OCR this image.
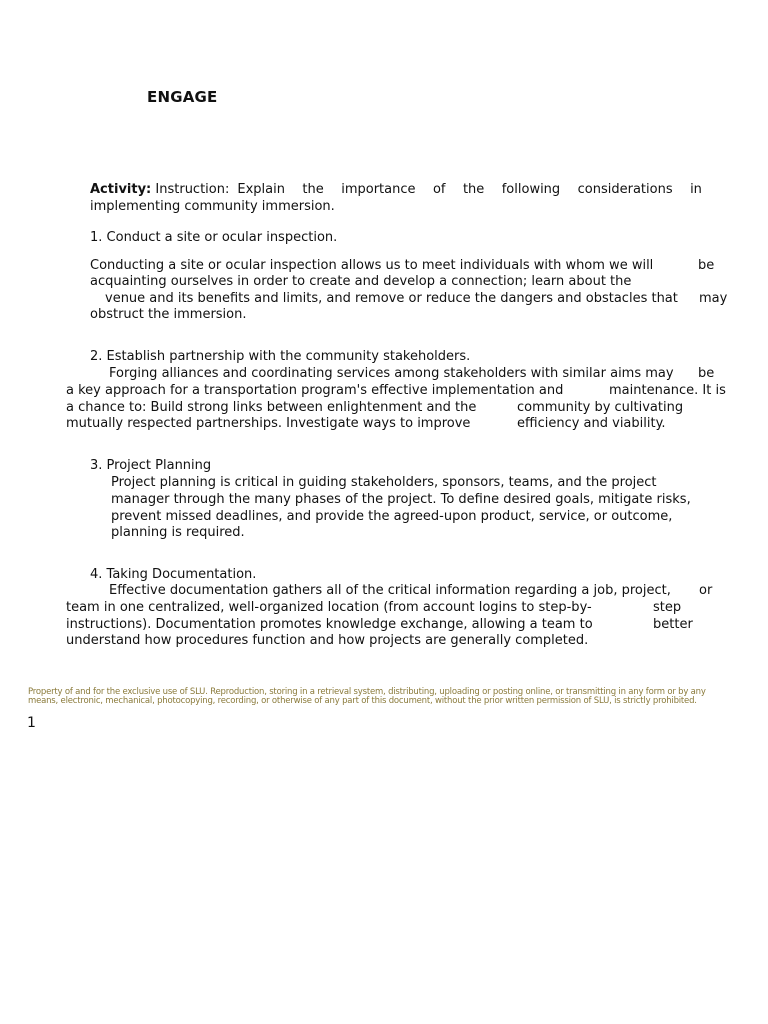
ENGAGE
Activity: Instruction: Explain the importance of the following considerations in
implementing community immersion.
1. Conduct a site or ocular inspection.
Conducting a site or ocular inspection allows us to meet individuals with whom we will	be
acquainting ourselves in order to create and develop a connection; learn about the
venue and its benefits and limits, and remove or reduce the dangers and obstacles that may
obstruct the immersion.
2. Establish partnership with the community stakeholders.
Forging alliances and coordinating services among stakeholders with similar aims may be
a key approach for a transportation program's effective implementation and	maintenance. It is
a chance to: Build strong links between enlightenment and the	community by cultivating
mutually respected partnerships. Investigate ways to improve	efficiency and viability.
3. Project Planning
Project planning is critical in guiding stakeholders, sponsors, teams, and the project
manager through the many phases of the project. To define desired goals, mitigate risks,
prevent missed deadlines, and provide the agreed-upon product, service, or outcome,
planning is required.
4. Taking Documentation.
Effective documentation gathers all of the critical information regarding a job, project, or
team in one centralized, well-organized location (from account logins to step-by-	step
instructions). Documentation promotes knowledge exchange, allowing a team to	better
understand how procedures function and how projects are generally completed.
Property of and for the exclusive use of SLU. Reproduction, storing in a retrieval system, distributing, uploading or posting online, or transmitting in any form or by any
means, electronic, mechanical, photocopying, recording, or otherwise of any part of this document, without the prior written permission of SLU, is strictly prohibited.
1
